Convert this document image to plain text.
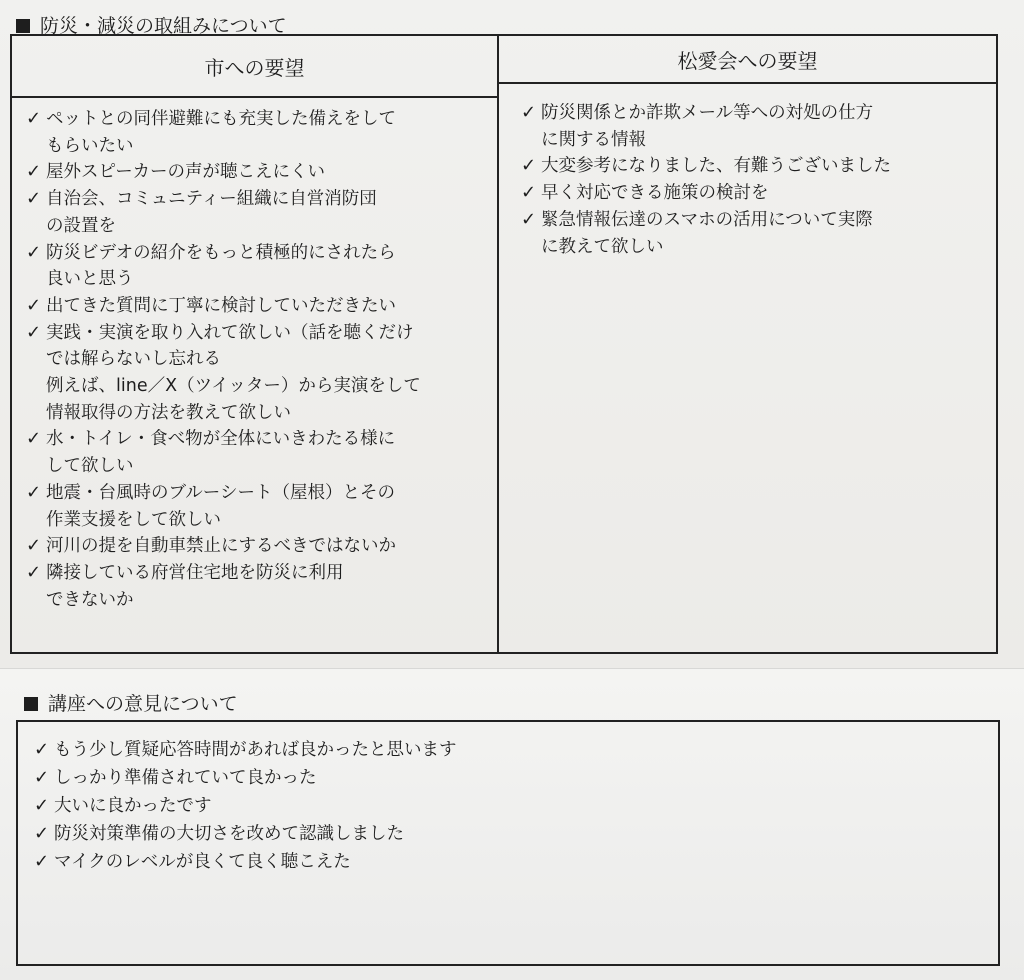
防災・減災の取組みについて
市への要望
✓ ペットとの同伴避難にも充実した備えをして
もらいたい
✓ 屋外スピーカーの声が聴こえにくい
✓ 自治会、コミュニティー組織に自営消防団
の設置を
✓ 防災ビデオの紹介をもっと積極的にされたら
良いと思う
✓ 出てきた質問に丁寧に検討していただきたい
✓ 実践・実演を取り入れて欲しい（話を聴くだけ
では解らないし忘れる
例えば、line／X（ツイッター）から実演をして
情報取得の方法を教えて欲しい
✓ 水・トイレ・食べ物が全体にいきわたる様に
して欲しい
✓ 地震・台風時のブルーシート（屋根）とその
作業支援をして欲しい
✓ 河川の提を自動車禁止にするべきではないか
✓ 隣接している府営住宅地を防災に利用
できないか
松愛会への要望
✓ 防災関係とか詐欺メール等への対処の仕方
に関する情報
✓ 大変参考になりました、有難うございました
✓ 早く対応できる施策の検討を
✓ 緊急情報伝達のスマホの活用について実際
に教えて欲しい
講座への意見について
✓ もう少し質疑応答時間があれば良かったと思います
✓ しっかり準備されていて良かった
✓ 大いに良かったです
✓ 防災対策準備の大切さを改めて認識しました
✓ マイクのレベルが良くて良く聴こえた
